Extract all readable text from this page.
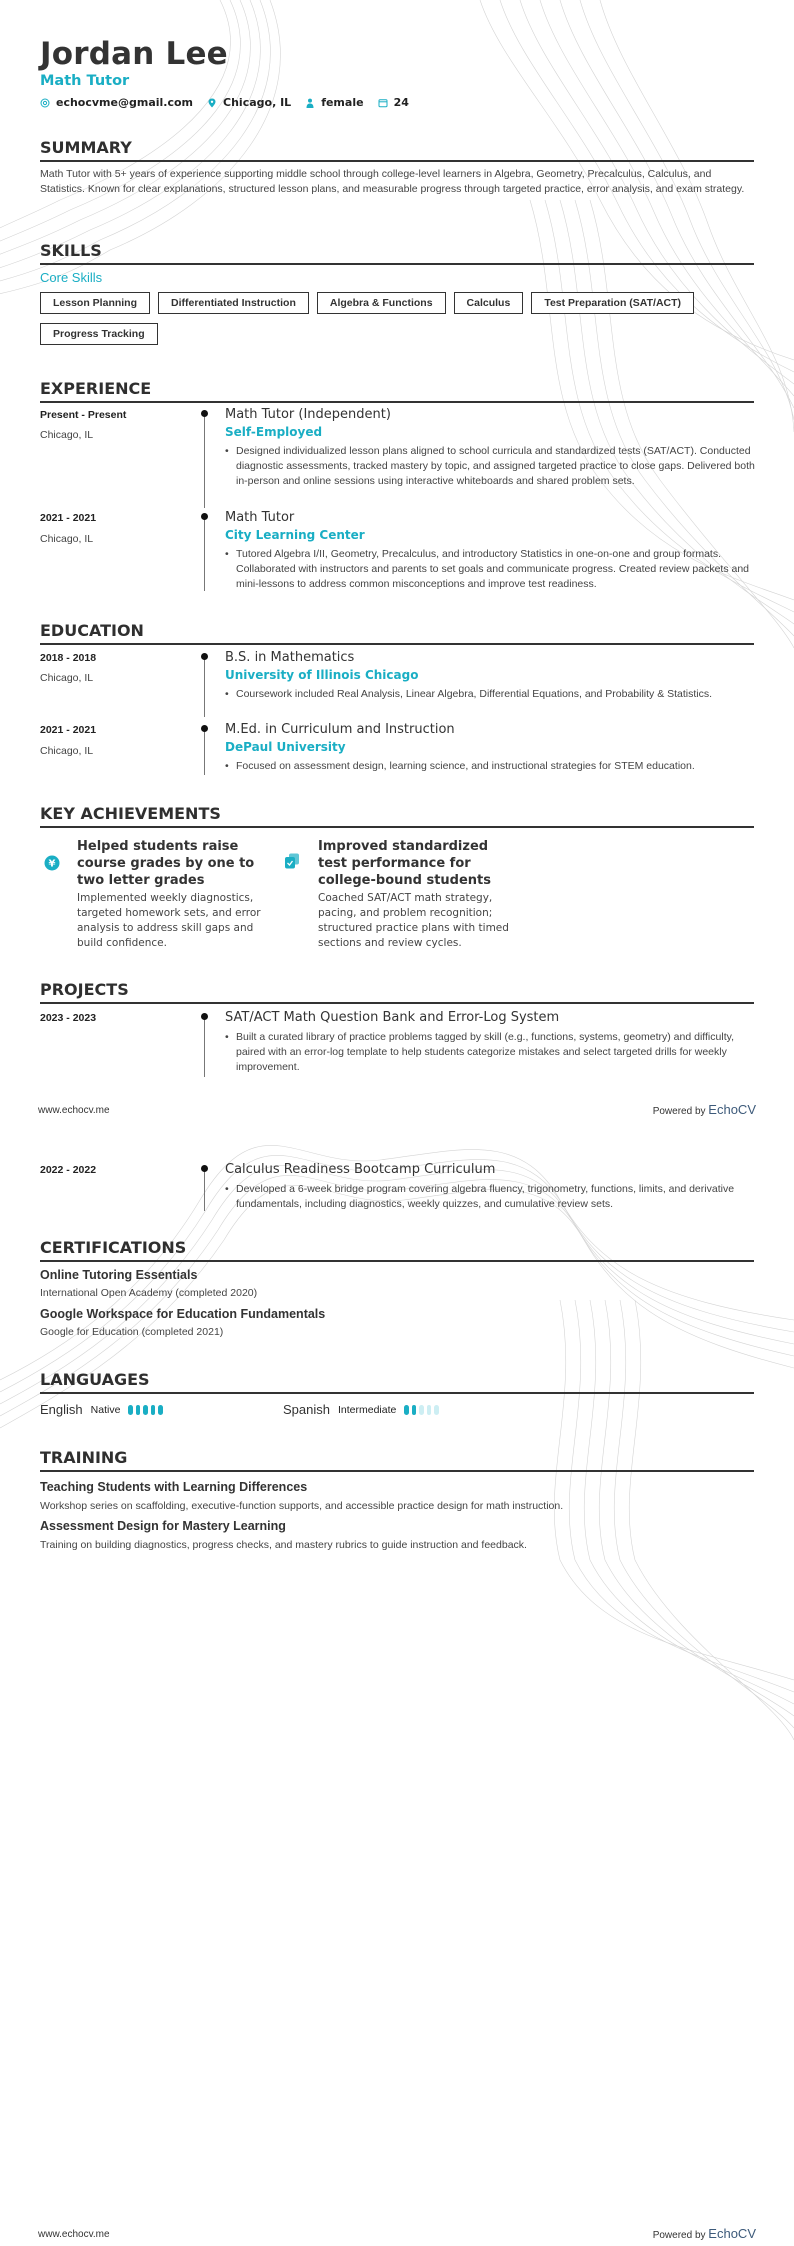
Jordan Lee
Math Tutor
echocvme@gmail.com	Chicago, IL	female	24
SUMMARY
Math Tutor with 5+ years of experience supporting middle school through college-level learners in Algebra, Geometry, Precalculus, Calculus, and Statistics. Known for clear explanations, structured lesson plans, and measurable progress through targeted practice, error analysis, and exam strategy.
SKILLS
Core Skills
Lesson Planning	Differentiated Instruction	Algebra & Functions	Calculus	Test Preparation (SAT/ACT)Progress Tracking
EXPERIENCE
Present - Present
Chicago, IL
Math Tutor (Independent)
Self-Employed
• Designed individualized lesson plans aligned to school curricula and standardized tests (SAT/ACT). Conducted diagnostic assessments, tracked mastery by topic, and assigned targeted practice to close gaps. Delivered both in-person and online sessions using interactive whiteboards and shared problem sets.
2021 - 2021
Chicago, IL
Math Tutor
City Learning Center
• Tutored Algebra I/II, Geometry, Precalculus, and introductory Statistics in one-on-one and group formats. Collaborated with instructors and parents to set goals and communicate progress. Created review packets and mini-lessons to address common misconceptions and improve test readiness.
EDUCATION
2018 - 2018
Chicago, IL
B.S. in Mathematics
University of Illinois Chicago
• Coursework included Real Analysis, Linear Algebra, Differential Equations, and Probability & Statistics.
2021 - 2021
Chicago, IL
M.Ed. in Curriculum and Instruction
DePaul University
• Focused on assessment design, learning science, and instructional strategies for STEM education.
KEY ACHIEVEMENTS
¥
Helped students raise course grades by one to two letter grades
Implemented weekly diagnostics, targeted homework sets, and error analysis to address skill gaps and build confidence.
Improved standardized test performance for college-bound students
Coached SAT/ACT math strategy, pacing, and problem recognition; structured practice plans with timed sections and review cycles.
PROJECTS
2023 - 2023	SAT/ACT Math Question Bank and Error-Log System
• Built a curated library of practice problems tagged by skill (e.g., functions, systems, geometry) and difficulty, paired with an error-log template to help students categorize mistakes and select targeted drills for weekly improvement.
www.echocv.me	Powered by EchoCV
2022 - 2022	Calculus Readiness Bootcamp Curriculum
• Developed a 6-week bridge program covering algebra fluency, trigonometry, functions, limits, and derivative fundamentals, including diagnostics, weekly quizzes, and cumulative review sets.
CERTIFICATIONS
Online Tutoring Essentials
International Open Academy (completed 2020)
Google Workspace for Education Fundamentals
Google for Education (completed 2021)
LANGUAGES
English Native	Spanish Intermediate
TRAINING
Teaching Students with Learning Differences
Workshop series on scaffolding, executive-function supports, and accessible practice design for math instruction.
Assessment Design for Mastery Learning
Training on building diagnostics, progress checks, and mastery rubrics to guide instruction and feedback.
www.echocv.me	Powered by EchoCV
